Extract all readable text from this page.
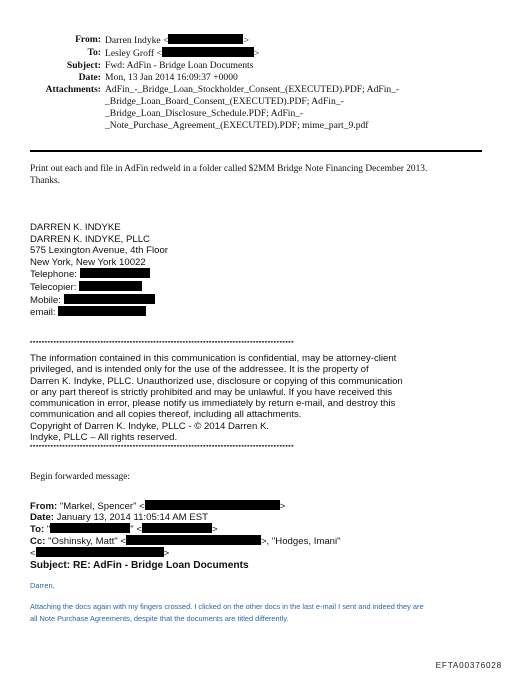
From: Darren Indyke <	>
To: Lesley Groff <	>
Subject: Fwd: AdFin - Bridge Loan Documents
Date: Mon, 13 Jan 2014 16:09:37 +0000
Attachments: AdFin_-_Bridge_Loan_Stockholder_Consent_(EXECUTED).PDF; AdFin_-
_Bridge_Loan_Board_Consent_(EXECUTED).PDF; AdFin_-
_Bridge_Loan_Disclosure_Schedule.PDF; AdFin_-
_Note_Purchase_Agreement_(EXECUTED).PDF; mime_part_9.pdf
Print out each and file in AdFin redweld in a folder called $2MM Bridge Note Financing December 2013.
Thanks.
DARREN K. INDYKE
DARREN K. INDYKE, PLLC
575 Lexington Avenue, 4th Floor
New York, New York 10022
Telephone:
Telecopier:
Mobile:
email:
******************************************************************************************
The information contained in this communication is confidential, may be attorney-client
privileged, and is intended only for the use of the addressee. It is the property of
Darren K. Indyke, PLLC. Unauthorized use, disclosure or copying of this communication
or any part thereof is strictly prohibited and may be unlawful. If you have received this
communication in error, please notify us immediately by return e-mail, and destroy this
communication and all copies thereof, including all attachments.
Copyright of Darren K. Indyke, PLLC - © 2014 Darren K.
Indyke, PLLC – All rights reserved.
******************************************************************************************
Begin forwarded message:
From: "Markel, Spencer" <	>
Date: January 13, 2014 11:05:14 AM EST
To: "	" <	>
Cc: "Oshinsky, Matt" <	>, "Hodges, Imani"
<	>
Subject: RE: AdFin - Bridge Loan Documents
Darren,
Attaching the docs again with my fingers crossed. I clicked on the other docs in the last e-mail I sent and indeed they are
all Note Purchase Agreements, despite that the documents are titled differently.
EFTA00376028
